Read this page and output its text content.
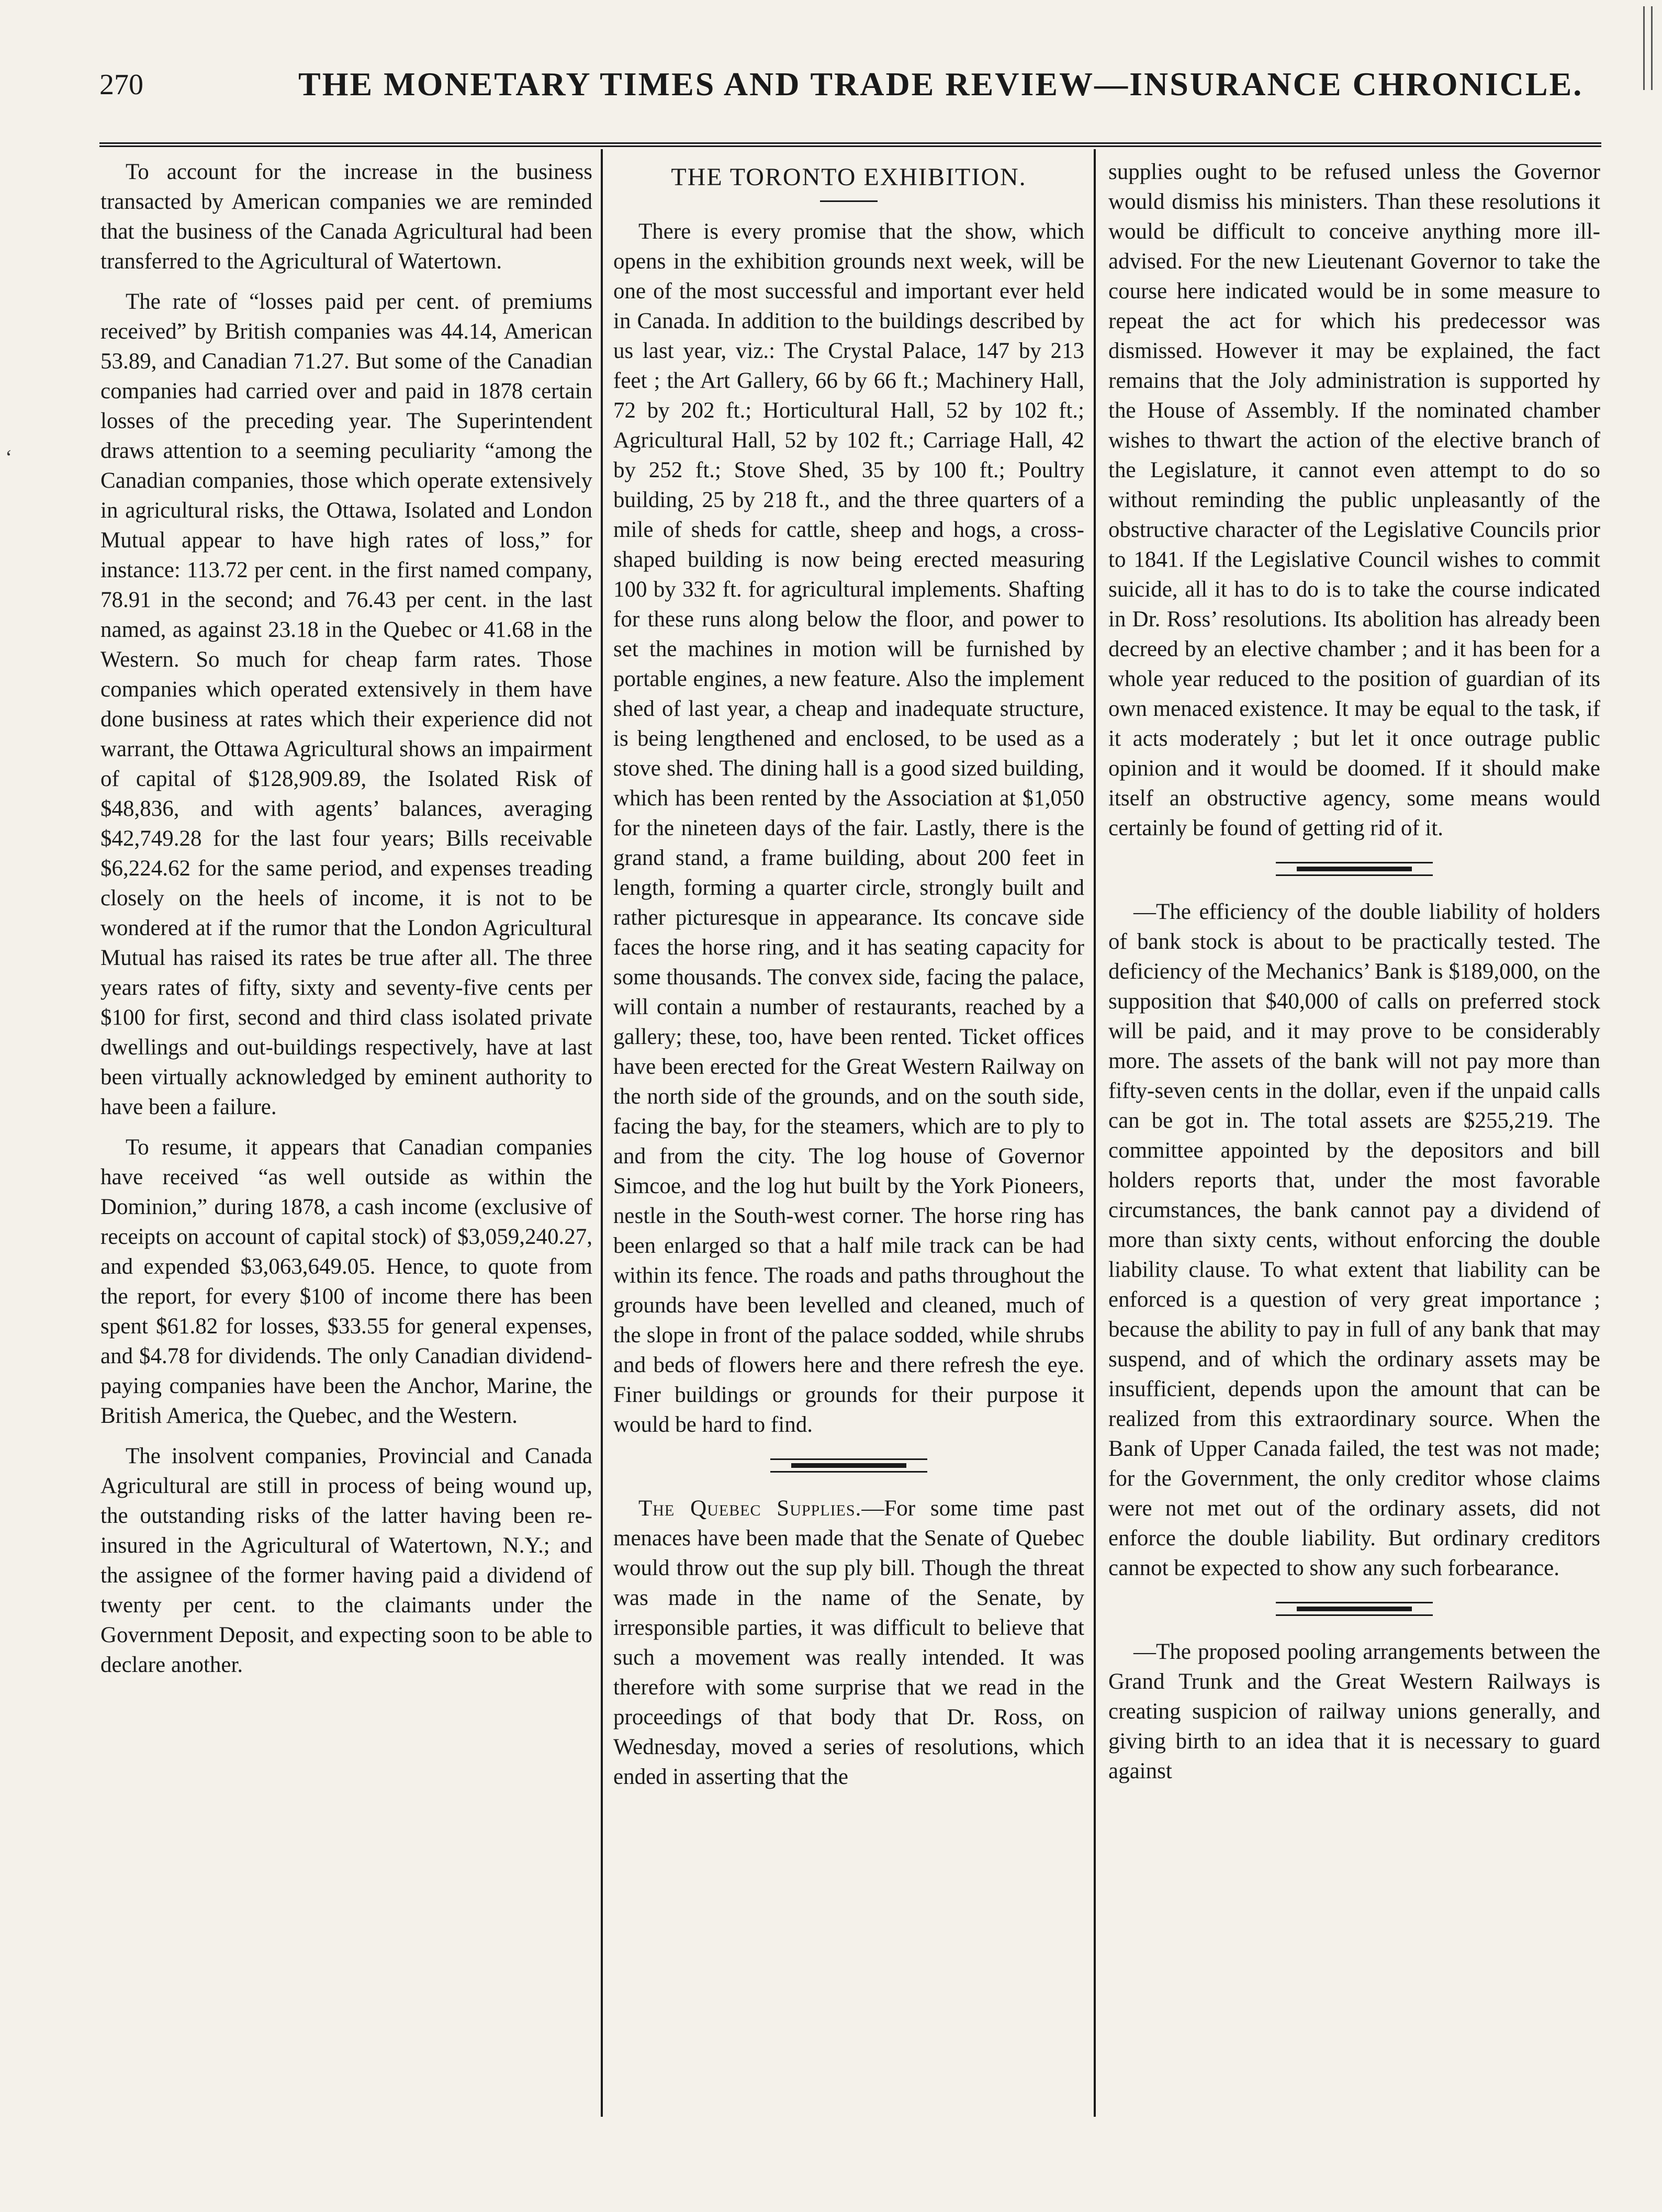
‘
270	THE MONETARY TIMES AND TRADE REVIEW—INSURANCE CHRONICLE.

To account for the increase in the business transacted by American companies we are reminded that the business of the Canada Agricultural had been transferred to the Agricultural of Watertown.

The rate of “losses paid per cent. of premiums received” by British companies was 44.14, American 53.89, and Canadian 71.27. But some of the Canadian companies had carried over and paid in 1878 certain losses of the preceding year. The Superintendent draws attention to a seeming peculiarity “among the Canadian companies, those which operate extensively in agricultural risks, the Ottawa, Isolated and London Mutual appear to have high rates of loss,” for instance: 113.72 per cent. in the first named company, 78.91 in the second; and 76.43 per cent. in the last named, as against 23.18 in the Quebec or 41.68 in the Western. So much for cheap farm rates. Those companies which operated extensively in them have done business at rates which their experience did not warrant, the Ottawa Agricultural shows an impairment of capital of $128,909.89, the Isolated Risk of $48,836, and with agents’ balances, averaging $42,749.28 for the last four years; Bills receivable $6,224.62 for the same period, and expenses treading closely on the heels of income, it is not to be wondered at if the rumor that the London Agricultural Mutual has raised its rates be true after all. The three years rates of fifty, sixty and seventy-five cents per $100 for first, second and third class isolated private dwellings and out-buildings respectively, have at last been virtually acknowledged by eminent authority to have been a failure.

To resume, it appears that Canadian companies have received “as well outside as within the Dominion,” during 1878, a cash income (exclusive of receipts on account of capital stock) of $3,059,240.27, and expended $3,063,649.05. Hence, to quote from the report, for every $100 of income there has been spent $61.82 for losses, $33.55 for general expenses, and $4.78 for dividends. The only Canadian dividend-paying companies have been the Anchor, Marine, the British America, the Quebec, and the Western.

The insolvent companies, Provincial and Canada Agricultural are still in process of being wound up, the outstanding risks of the latter having been re-insured in the Agricultural of Watertown, N.Y.; and the assignee of the former having paid a dividend of twenty per cent. to the claimants under the Government Deposit, and expecting soon to be able to declare another.

THE TORONTO EXHIBITION.

There is every promise that the show, which opens in the exhibition grounds next week, will be one of the most successful and important ever held in Canada. In addition to the buildings described by us last year, viz.: The Crystal Palace, 147 by 213 feet ; the Art Gallery, 66 by 66 ft.; Machinery Hall, 72 by 202 ft.; Horticultural Hall, 52 by 102 ft.; Agricultural Hall, 52 by 102 ft.; Carriage Hall, 42 by 252 ft.; Stove Shed, 35 by 100 ft.; Poultry building, 25 by 218 ft., and the three quarters of a mile of sheds for cattle, sheep and hogs, a cross-shaped building is now being erected measuring 100 by 332 ft. for agricultural implements. Shafting for these runs along below the floor, and power to set the machines in motion will be furnished by portable engines, a new feature. Also the implement shed of last year, a cheap and inadequate structure, is being lengthened and enclosed, to be used as a stove shed. The dining hall is a good sized building, which has been rented by the Association at $1,050 for the nineteen days of the fair. Lastly, there is the grand stand, a frame building, about 200 feet in length, forming a quarter circle, strongly built and rather picturesque in appearance. Its concave side faces the horse ring, and it has seating capacity for some thousands. The convex side, facing the palace, will contain a number of restaurants, reached by a gallery; these, too, have been rented. Ticket offices have been erected for the Great Western Railway on the north side of the grounds, and on the south side, facing the bay, for the steamers, which are to ply to and from the city. The log house of Governor Simcoe, and the log hut built by the York Pioneers, nestle in the South-west corner. The horse ring has been enlarged so that a half mile track can be had within its fence. The roads and paths throughout the grounds have been levelled and cleaned, much of the slope in front of the palace sodded, while shrubs and beds of flowers here and there refresh the eye. Finer buildings or grounds for their purpose it would be hard to find.

The Quebec Supplies.—For some time past menaces have been made that the Senate of Quebec would throw out the sup ply bill. Though the threat was made in the name of the Senate, by irresponsible parties, it was difficult to believe that such a movement was really intended. It was therefore with some surprise that we read in the proceedings of that body that Dr. Ross, on Wednesday, moved a series of resolutions, which ended in asserting that the

supplies ought to be refused unless the Governor would dismiss his ministers. Than these resolutions it would be difficult to conceive anything more ill-advised. For the new Lieutenant Governor to take the course here indicated would be in some measure to repeat the act for which his predecessor was dismissed. However it may be explained, the fact remains that the Joly administration is supported hy the House of Assembly. If the nominated chamber wishes to thwart the action of the elective branch of the Legislature, it cannot even attempt to do so without reminding the public unpleasantly of the obstructive character of the Legislative Councils prior to 1841. If the Legislative Council wishes to commit suicide, all it has to do is to take the course indicated in Dr. Ross’ resolutions. Its abolition has already been decreed by an elective chamber ; and it has been for a whole year reduced to the position of guardian of its own menaced existence. It may be equal to the task, if it acts moderately ; but let it once outrage public opinion and it would be doomed. If it should make itself an obstructive agency, some means would certainly be found of getting rid of it.

—The efficiency of the double liability of holders of bank stock is about to be practically tested. The deficiency of the Mechanics’ Bank is $189,000, on the supposition that $40,000 of calls on preferred stock will be paid, and it may prove to be considerably more. The assets of the bank will not pay more than fifty-seven cents in the dollar, even if the unpaid calls can be got in. The total assets are $255,219. The committee appointed by the depositors and bill holders reports that, under the most favorable circumstances, the bank cannot pay a dividend of more than sixty cents, without enforcing the double liability clause. To what extent that liability can be enforced is a question of very great importance ; because the ability to pay in full of any bank that may suspend, and of which the ordinary assets may be insufficient, depends upon the amount that can be realized from this extraordinary source. When the Bank of Upper Canada failed, the test was not made; for the Government, the only creditor whose claims were not met out of the ordinary assets, did not enforce the double liability. But ordinary creditors cannot be expected to show any such forbearance.

—The proposed pooling arrangements between the Grand Trunk and the Great Western Railways is creating suspicion of railway unions generally, and giving birth to an idea that it is necessary to guard against
